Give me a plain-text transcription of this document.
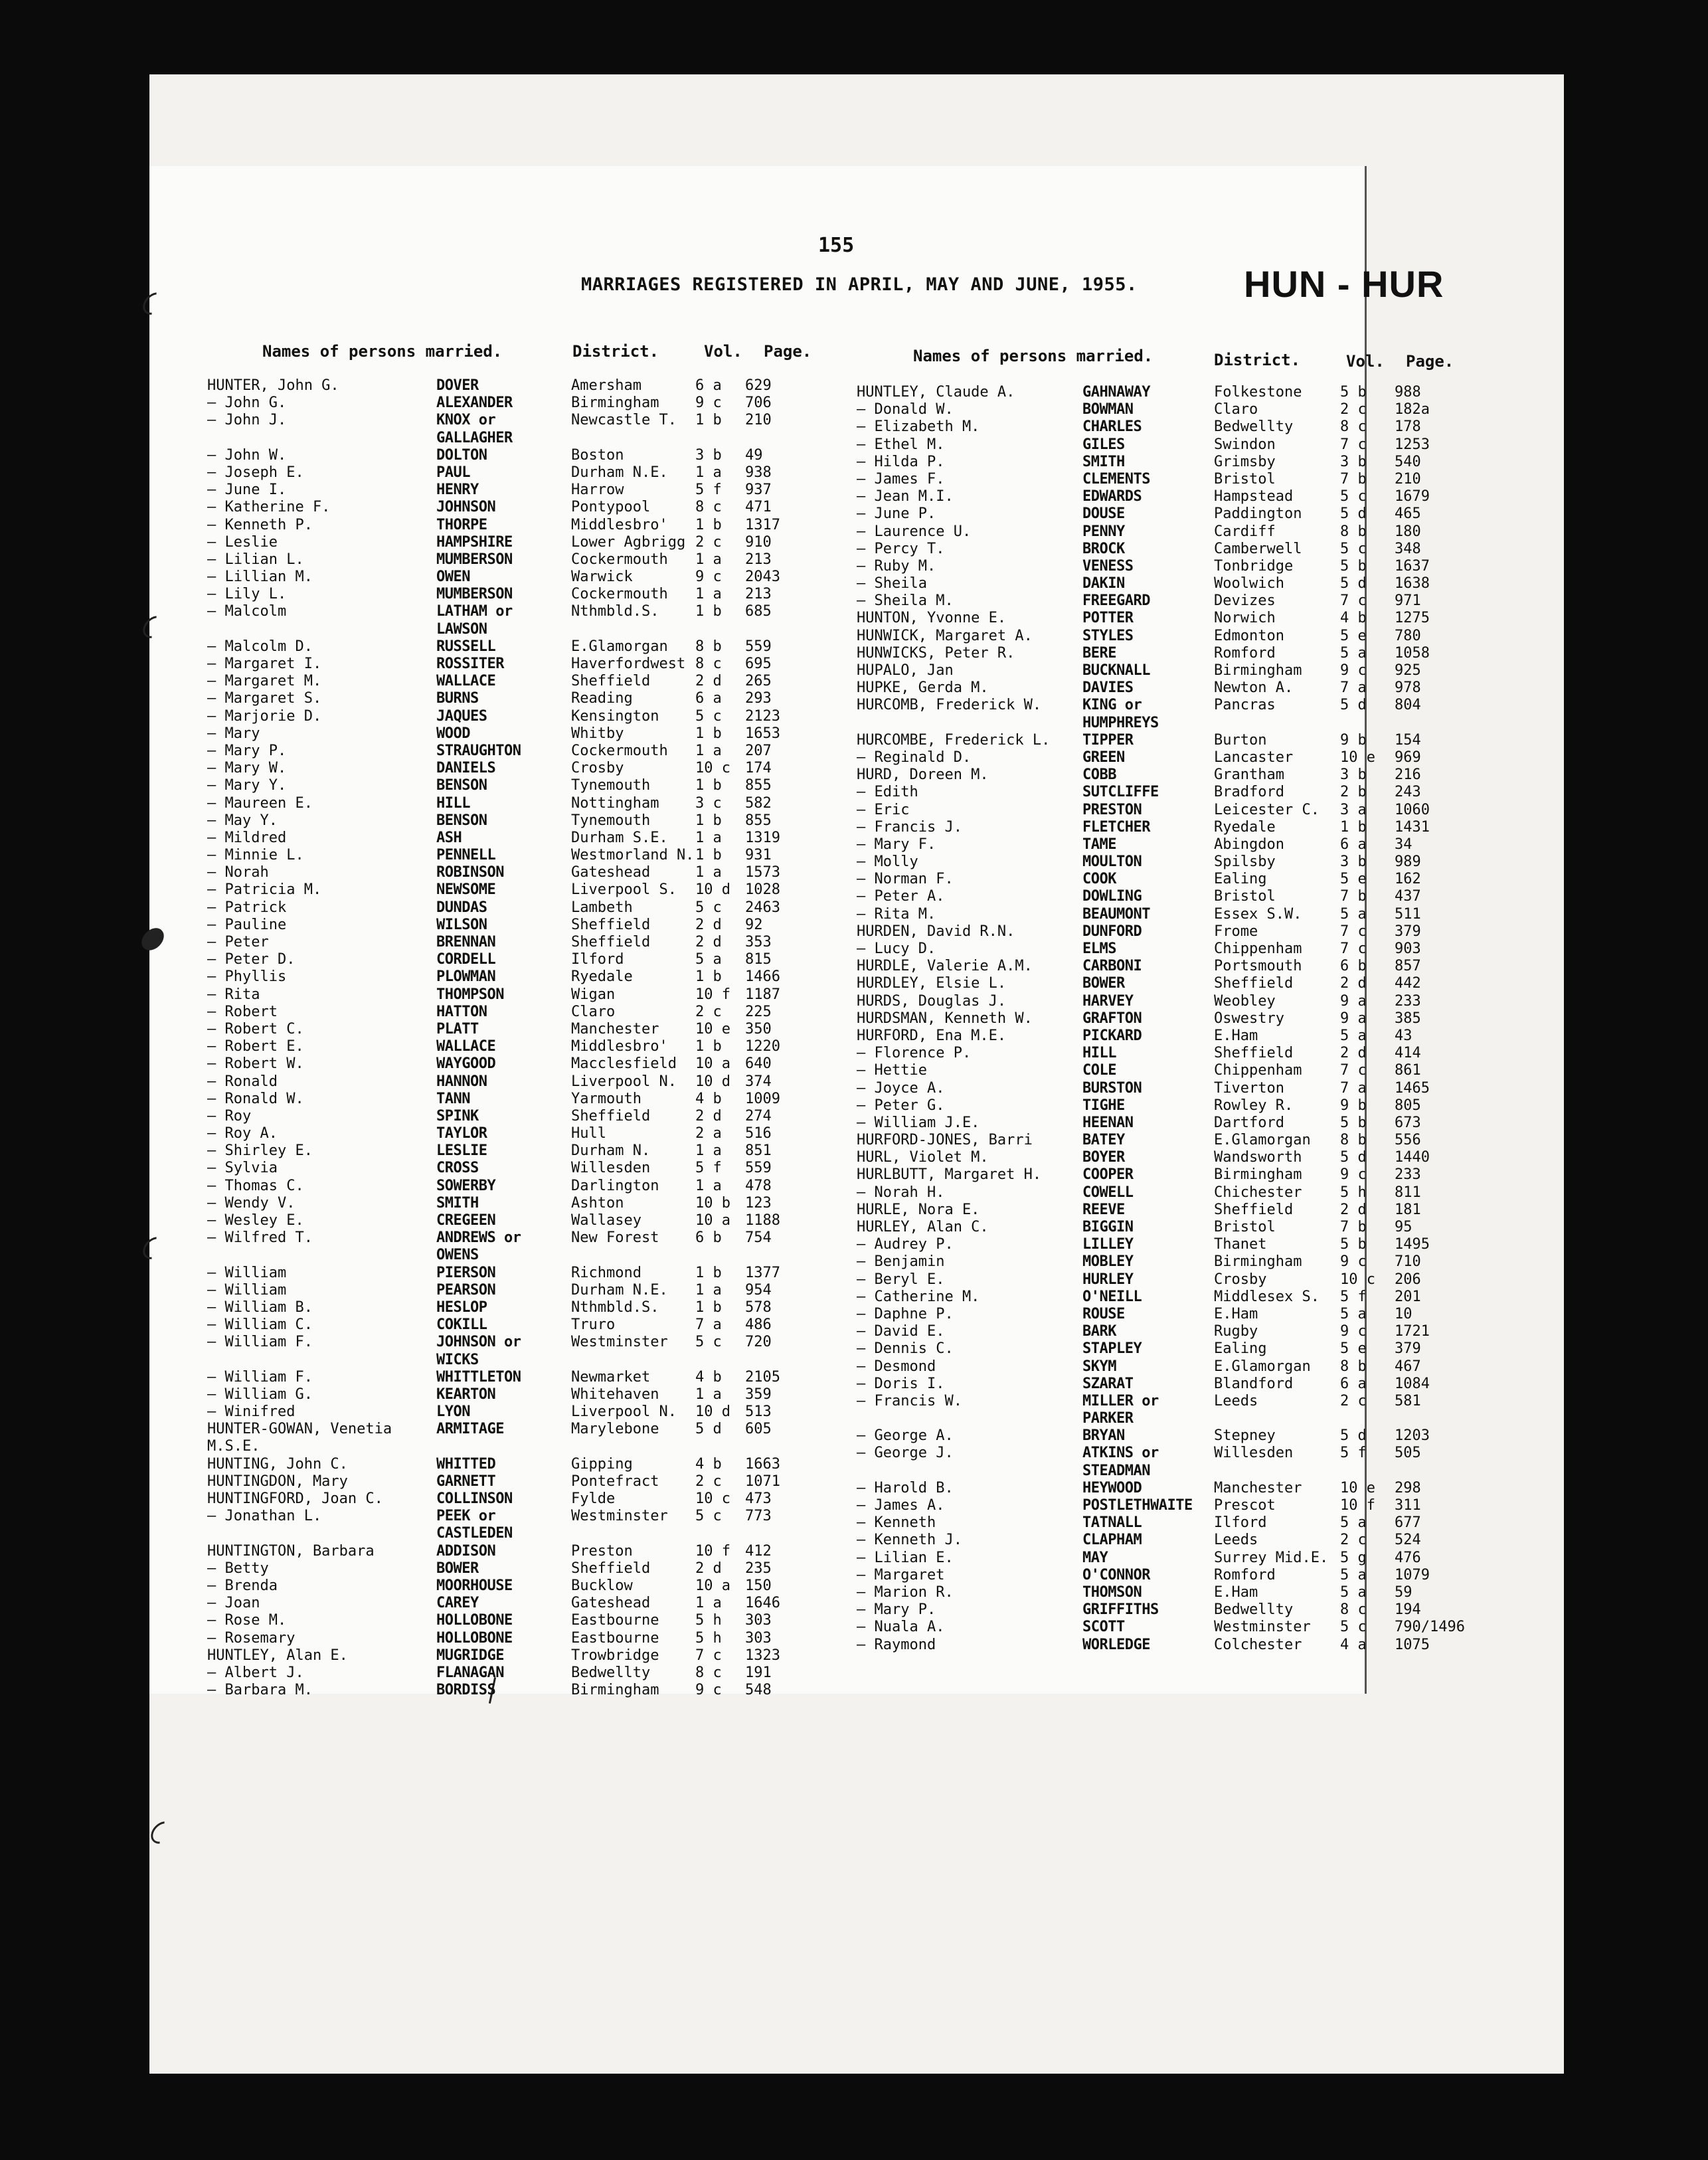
155
MARRIAGES REGISTERED IN APRIL, MAY AND JUNE, 1955.	HUN - HUR
Names of persons married.	District.	Vol. Page.	Names of persons married.	District.	Vol. Page.
HUNTER, John G.	DOVER	Amersham	6 a 629
— John G.	ALEXANDER	Birmingham 9 c 706
— John J.	KNOX or	Newcastle T. 1 b 210
GALLAGHER
— John W.	DOLTON	Boston	3 b 49
— Joseph E.	PAUL	Durham N.E. 1 a 938
— June I.	HENRY	Harrow	5 f 937
— Katherine F.	JOHNSON	Pontypool	8 c 471
— Kenneth P.	THORPE	Middlesbro' 1 b 1317
— Leslie	HAMPSHIRE	Lower Agbrigg 2 c 910
— Lilian L.	MUMBERSON	Cockermouth 1 a 213
— Lillian M.	OWEN	Warwick	9 c 2043
— Lily L.	MUMBERSON	Cockermouth 1 a 213
— Malcolm	LATHAM or	Nthmbld.S. 1 b 685
LAWSON
— Malcolm D.	RUSSELL	E.Glamorgan 8 b 559
— Margaret I.	ROSSITER	Haverfordwest 8 c 695
— Margaret M.	WALLACE	Sheffield	2 d 265
— Margaret S.	BURNS	Reading	6 a 293
— Marjorie D.	JAQUES	Kensington 5 c 2123
— Mary	WOOD	Whitby	1 b 1653
— Mary P.	STRAUGHTON	Cockermouth 1 a 207
— Mary W.	DANIELS	Crosby	10 c 174
— Mary Y.	BENSON	Tynemouth	1 b 855
— Maureen E.	HILL	Nottingham 3 c 582
— May Y.	BENSON	Tynemouth	1 b 855
— Mildred	ASH	Durham S.E. 1 a 1319
— Minnie L.	PENNELL	Westmorland N. 1 b 931
— Norah	ROBINSON	Gateshead	1 a 1573
— Patricia M.	NEWSOME	Liverpool S. 10 d 1028
— Patrick	DUNDAS	Lambeth	5 c 2463
— Pauline	WILSON	Sheffield	2 d 92
— Peter	BRENNAN	Sheffield	2 d 353
— Peter D.	CORDELL	Ilford	5 a 815
— Phyllis	PLOWMAN	Ryedale	1 b 1466
— Rita	THOMPSON	Wigan	10 f 1187
— Robert	HATTON	Claro	2 c 225
— Robert C.	PLATT	Manchester 10 e 350
— Robert E.	WALLACE	Middlesbro' 1 b 1220
— Robert W.	WAYGOOD	Macclesfield 10 a 640
— Ronald	HANNON	Liverpool N. 10 d 374
— Ronald W.	TANN	Yarmouth	4 b 1009
— Roy	SPINK	Sheffield	2 d 274
— Roy A.	TAYLOR	Hull	2 a 516
— Shirley E.	LESLIE	Durham N.	1 a 851
— Sylvia	CROSS	Willesden	5 f 559
— Thomas C.	SOWERBY	Darlington 1 a 478
— Wendy V.	SMITH	Ashton	10 b 123
— Wesley E.	CREGEEN	Wallasey	10 a 1188
— Wilfred T.	ANDREWS or	New Forest 6 b 754
OWENS
— William	PIERSON	Richmond	1 b 1377
— William	PEARSON	Durham N.E. 1 a 954
— William B.	HESLOP	Nthmbld.S. 1 b 578
— William C.	COKILL	Truro	7 a 486
— William F.	JOHNSON or	Westminster 5 c 720
WICKS
— William F.	WHITTLETON	Newmarket	4 b 2105
— William G.	KEARTON	Whitehaven 1 a 359
— Winifred	LYON	Liverpool N. 10 d 513
HUNTER-GOWAN, Venetia	ARMITAGE	Marylebone 5 d 605
M.S.E.
HUNTING, John C.	WHITTED	Gipping	4 b 1663
HUNTINGDON, Mary	GARNETT	Pontefract 2 c 1071
HUNTINGFORD, Joan C.	COLLINSON	Fylde	10 c 473
— Jonathan L.	PEEK or	Westminster 5 c 773
CASTLEDEN
HUNTINGTON, Barbara	ADDISON	Preston	10 f 412
— Betty	BOWER	Sheffield	2 d 235
— Brenda	MOORHOUSE	Bucklow	10 a 150
— Joan	CAREY	Gateshead	1 a 1646
— Rose M.	HOLLOBONE	Eastbourne 5 h 303
— Rosemary	HOLLOBONE	Eastbourne 5 h 303
HUNTLEY, Alan E.	MUGRIDGE	Trowbridge 7 c 1323
— Albert J.	FLANAGAN	Bedwellty	8 c 191
— Barbara M.	BORDISS	Birmingham 9 c 548
HUNTLEY, Claude A.	GAHNAWAY	Folkestone	5 b 988
— Donald W.	BOWMAN	Claro	2 c 182a
— Elizabeth M.	CHARLES	Bedwellty	8 c 178
— Ethel M.	GILES	Swindon	7 c 1253
— Hilda P.	SMITH	Grimsby	3 b 540
— James F.	CLEMENTS	Bristol	7 b 210
— Jean M.I.	EDWARDS	Hampstead	5 c 1679
— June P.	DOUSE	Paddington	5 d 465
— Laurence U.	PENNY	Cardiff	8 b 180
— Percy T.	BROCK	Camberwell	5 c 348
— Ruby M.	VENESS	Tonbridge	5 b 1637
— Sheila	DAKIN	Woolwich	5 d 1638
— Sheila M.	FREEGARD	Devizes	7 c 971
HUNTON, Yvonne E.	POTTER	Norwich	4 b 1275
HUNWICK, Margaret A.	STYLES	Edmonton	5 e 780
HUNWICKS, Peter R.	BERE	Romford	5 a 1058
HUPALO, Jan	BUCKNALL	Birmingham	9 c 925
HUPKE, Gerda M.	DAVIES	Newton A.	7 a 978
HURCOMB, Frederick W.	KING or	Pancras	5 d 804
HUMPHREYS
HURCOMBE, Frederick L. TIPPER	Burton	9 b 154
— Reginald D.	GREEN	Lancaster	10 e 969
HURD, Doreen M.	COBB	Grantham	3 b 216
— Edith	SUTCLIFFE	Bradford	2 b 243
— Eric	PRESTON	Leicester C. 3 a 1060
— Francis J.	FLETCHER	Ryedale	1 b 1431
— Mary F.	TAME	Abingdon	6 a 34
— Molly	MOULTON	Spilsby	3 b 989
— Norman F.	COOK	Ealing	5 e 162
— Peter A.	DOWLING	Bristol	7 b 437
— Rita M.	BEAUMONT	Essex S.W.	5 a 511
HURDEN, David R.N.	DUNFORD	Frome	7 c 379
— Lucy D.	ELMS	Chippenham	7 c 903
HURDLE, Valerie A.M.	CARBONI	Portsmouth	6 b 857
HURDLEY, Elsie L.	BOWER	Sheffield	2 d 442
HURDS, Douglas J.	HARVEY	Weobley	9 a 233
HURDSMAN, Kenneth W.	GRAFTON	Oswestry	9 a 385
HURFORD, Ena M.E.	PICKARD	E.Ham	5 a 43
— Florence P.	HILL	Sheffield	2 d 414
— Hettie	COLE	Chippenham	7 c 861
— Joyce A.	BURSTON	Tiverton	7 a 1465
— Peter G.	TIGHE	Rowley R.	9 b 805
— William J.E.	HEENAN	Dartford	5 b 673
HURFORD-JONES, Barri	BATEY	E.Glamorgan 8 b 556
HURL, Violet M.	BOYER	Wandsworth	5 d 1440
HURLBUTT, Margaret H.	COOPER	Birmingham	9 c 233
— Norah H.	COWELL	Chichester	5 h 811
HURLE, Nora E.	REEVE	Sheffield	2 d 181
HURLEY, Alan C.	BIGGIN	Bristol	7 b 95
— Audrey P.	LILLEY	Thanet	5 b 1495
— Benjamin	MOBLEY	Birmingham	9 c 710
— Beryl E.	HURLEY	Crosby	10 c 206
— Catherine M.	O'NEILL	Middlesex S. 5 f 201
— Daphne P.	ROUSE	E.Ham	5 a 10
— David E.	BARK	Rugby	9 c 1721
— Dennis C.	STAPLEY	Ealing	5 e 379
— Desmond	SKYM	E.Glamorgan 8 b 467
— Doris I.	SZARAT	Blandford	6 a 1084
— Francis W.	MILLER or	Leeds	2 c 581
PARKER
— George A.	BRYAN	Stepney	5 d 1203
— George J.	ATKINS or	Willesden	5 f 505
STEADMAN
— Harold B.	HEYWOOD	Manchester	10 e 298
— James A.	POSTLETHWAITE Prescot	10 f 311
— Kenneth	TATNALL	Ilford	5 a 677
— Kenneth J.	CLAPHAM	Leeds	2 c 524
— Lilian E.	MAY	Surrey Mid.E. 5 g 476
— Margaret	O'CONNOR	Romford	5 a 1079
— Marion R.	THOMSON	E.Ham	5 a 59
— Mary P.	GRIFFITHS	Bedwellty	8 c 194
— Nuala A.	SCOTT	Westminster 5 c 790/1496
— Raymond	WORLEDGE	Colchester	4 a 1075
